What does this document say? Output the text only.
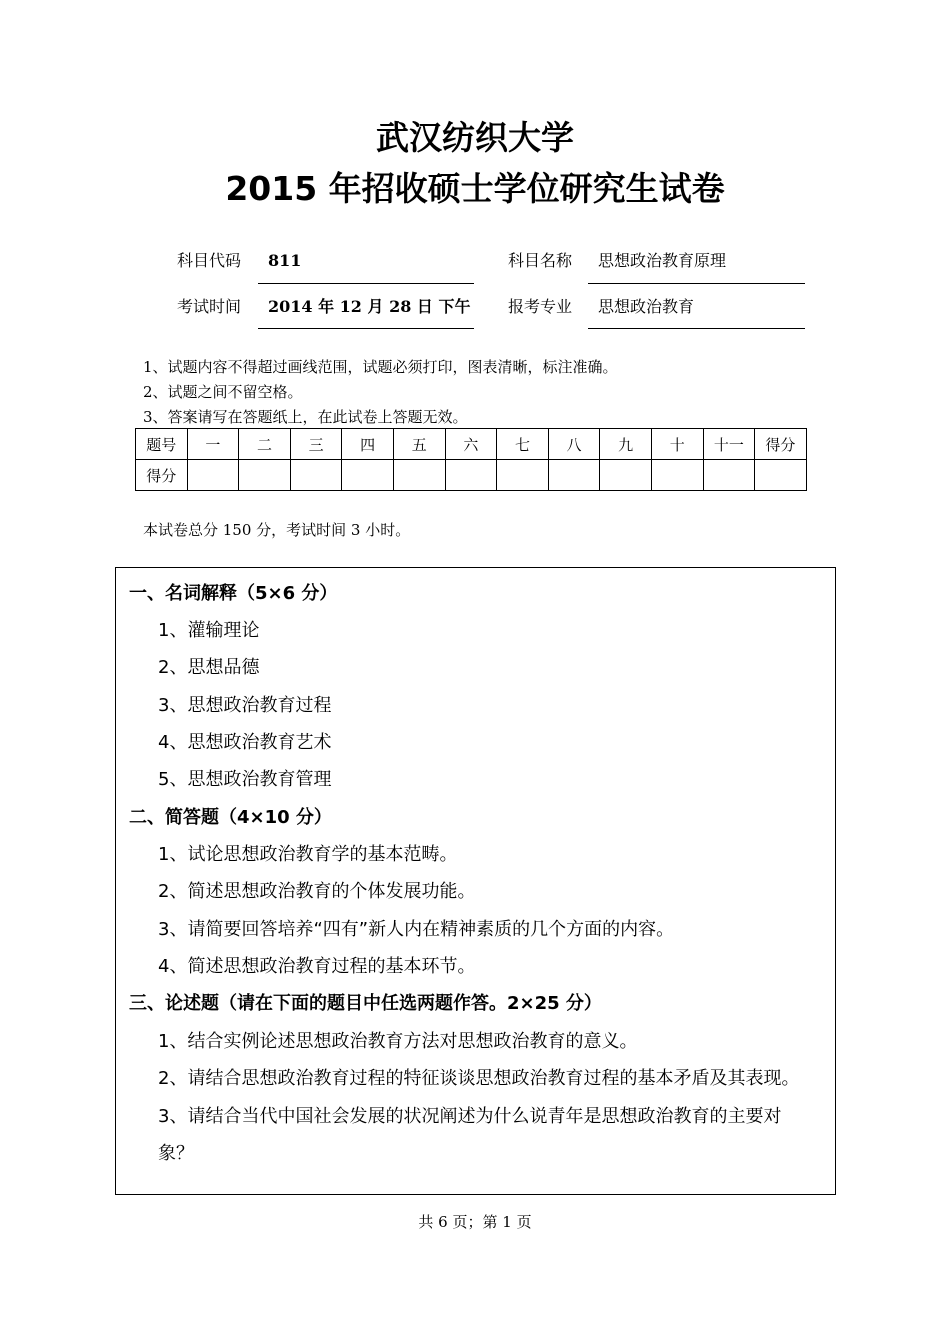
武汉纺织大学
2015 年招收硕士学位研究生试卷
科目代码 811	科目名称 思想政治教育原理
考试时间 2014 年 12 月 28 日 下午 报考专业 思想政治教育
1、试题内容不得超过画线范围，试题必须打印，图表清晰，标注准确。
2、试题之间不留空格。
3、答案请写在答题纸上，在此试卷上答题无效。
题号	一	二	三	四	五	六	七	八	九	十	十一	得分
得分												
本试卷总分 150 分，考试时间 3 小时。
一、名词解释（5×6 分）
1、灌输理论
2、思想品德
3、思想政治教育过程
4、思想政治教育艺术
5、思想政治教育管理
二、简答题（4×10 分）
1、试论思想政治教育学的基本范畴。
2、简述思想政治教育的个体发展功能。
3、请简要回答培养“四有”新人内在精神素质的几个方面的内容。
4、简述思想政治教育过程的基本环节。
三、论述题（请在下面的题目中任选两题作答。2×25 分）
1、结合实例论述思想政治教育方法对思想政治教育的意义。
2、请结合思想政治教育过程的特征谈谈思想政治教育过程的基本矛盾及其表现。
3、请结合当代中国社会发展的状况阐述为什么说青年是思想政治教育的主要对
象？
共 6 页；第 1 页
